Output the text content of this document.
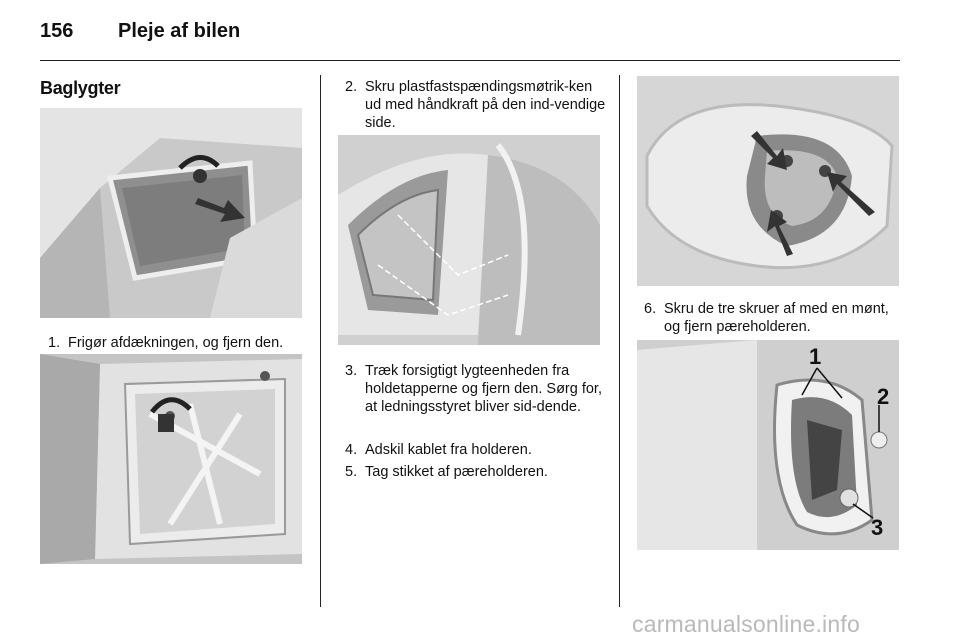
156 Pleje af bilen
Baglygter
1. Frigør afdækningen, og fjern den.
2. Skru plastfastspændingsmøtrik-ken ud med håndkraft på den ind-vendige side.
3. Træk forsigtigt lygteenheden fra holdetapperne og fjern den. Sørg for, at ledningsstyret bliver sid-dende.
4. Adskil kablet fra holderen.
5. Tag stikket af pæreholderen.
6. Skru de tre skruer af med en mønt, og fjern pæreholderen.
1
2
3
carmanualsonline.info
